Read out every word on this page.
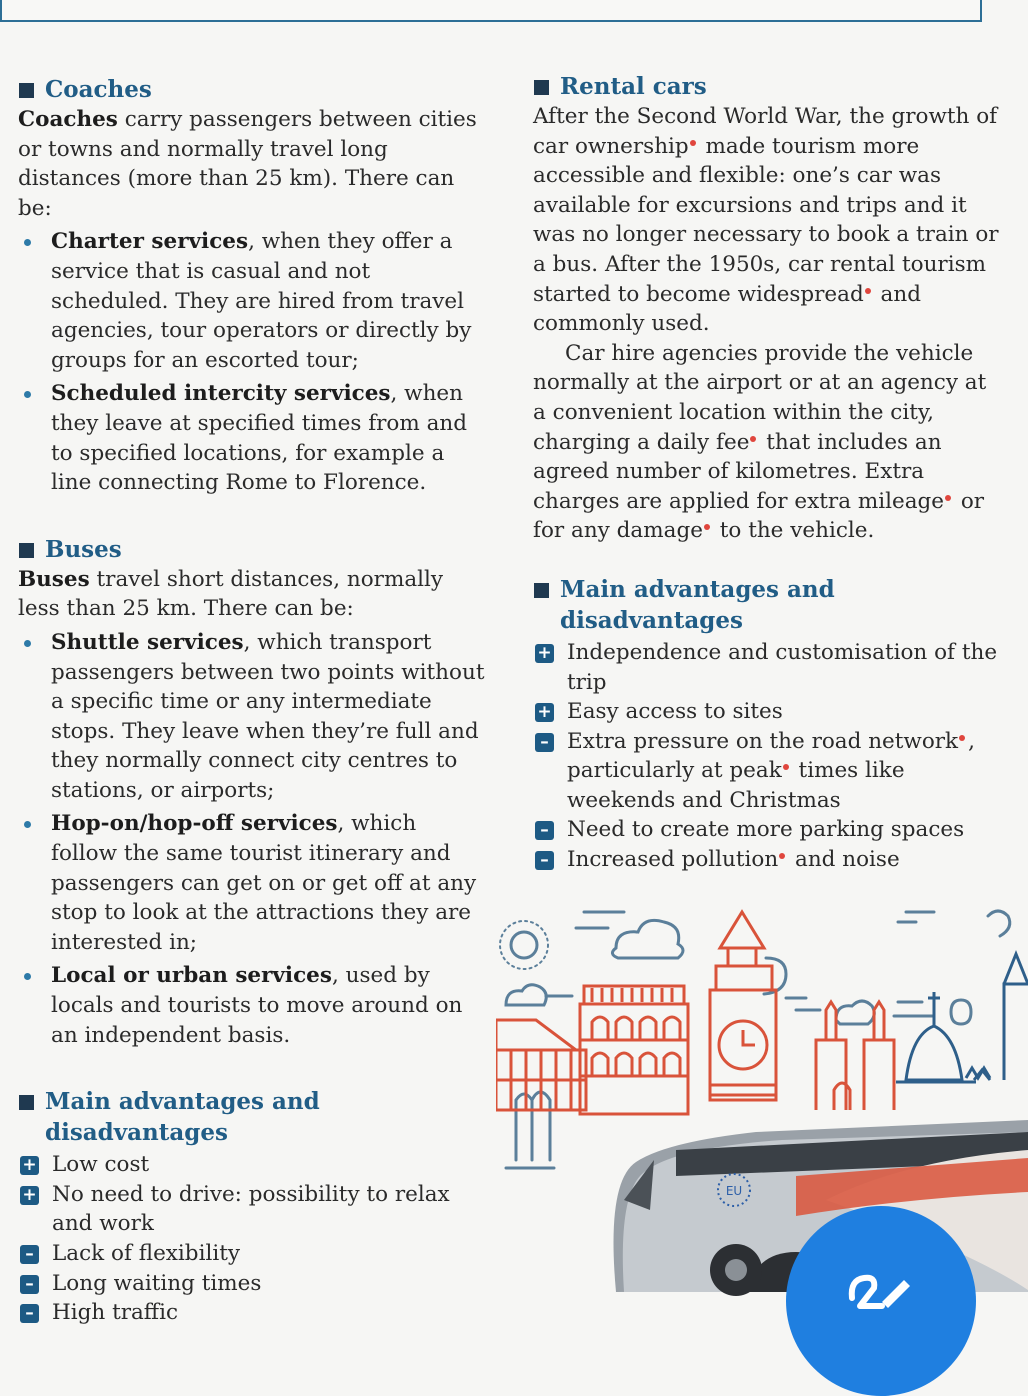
Coaches

Coaches carry passengers between cities or towns and normally travel long distances (more than 25 km). There can be:

Charter services, when they offer a service that is casual and not scheduled. They are hired from travel agencies, tour operators or directly by groups for an escorted tour;
Scheduled intercity services, when they leave at specified times from and to specified locations, for example a line connecting Rome to Florence.
Buses

Buses travel short distances, normally less than 25 km. There can be:

Shuttle services, which transport passengers between two points without a specific time or any intermediate stops. They leave when they’re full and they normally connect city centres to stations, or airports;
Hop-on/hop-off services, which follow the same tourist itinerary and passengers can get on or get off at any stop to look at the attractions they are interested in;
Local or urban services, used by locals and tourists to move around on an independent basis.
Main advantages and disadvantages
+ Low cost
+ No need to drive: possibility to relax and work
– Lack of flexibility
– Long waiting times
– High traffic
Rental cars

After the Second World War, the growth of car ownership made tourism more accessible and flexible: one’s car was available for excursions and trips and it was no longer necessary to book a train or a bus. After the 1950s, car rental tourism started to become widespread and commonly used.

Car hire agencies provide the vehicle normally at the airport or at an agency at a convenient location within the city, charging a daily fee that includes an agreed number of kilometres. Extra charges are applied for extra mileage or for any damage to the vehicle.

Main advantages and disadvantages
+ Independence and customisation of the trip
+ Easy access to sites
– Extra pressure on the road network , particularly at peak times like weekends and Christmas
– Need to create more parking spaces
– Increased pollution and noise
EU
